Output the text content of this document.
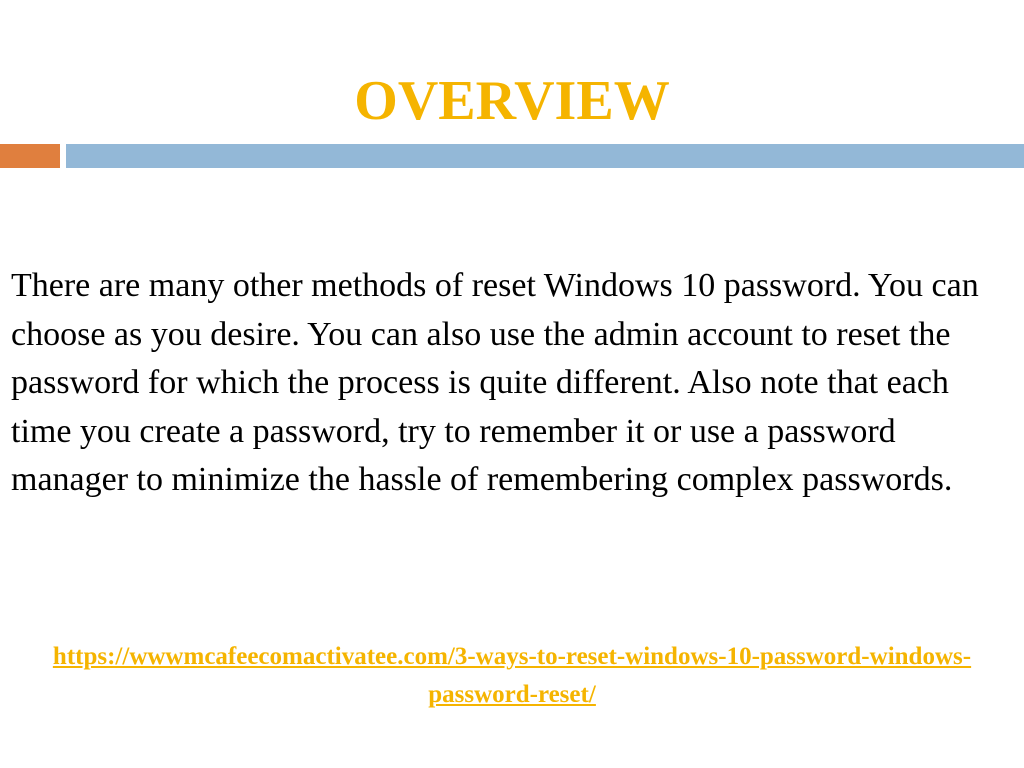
OVERVIEW

There are many other methods of reset Windows 10 password. You can choose as you desire. You can also use the admin account to reset the password for which the process is quite different. Also note that each time you create a password, try to remember it or use a password manager to minimize the hassle of remembering complex passwords.

https://wwwmcafeecomactivatee.com/3-ways-to-reset-windows-10-password-windows-password-reset/
